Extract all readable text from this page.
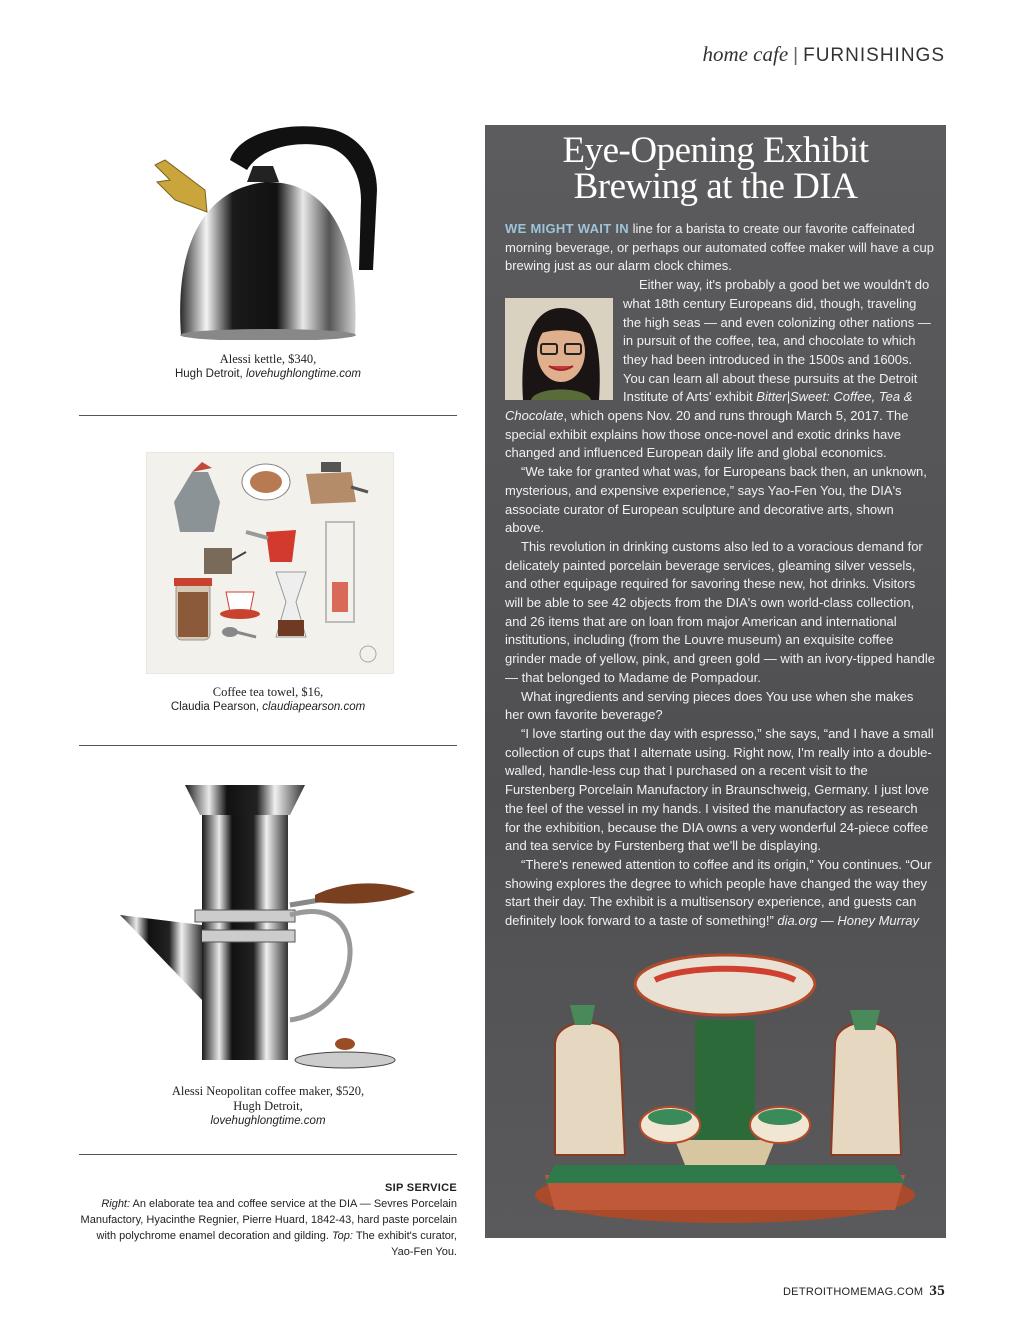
home cafe | FURNISHINGS
Alessi kettle, $340,
Hugh Detroit, lovehughlongtime.com
Coffee tea towel, $16,
Claudia Pearson, claudiapearson.com
Alessi Neopolitan coffee maker, $520,
Hugh Detroit,
lovehughlongtime.com
SIP SERVICE
Right: An elaborate tea and coffee service at the DIA — Sevres Porcelain Manufactory, Hyacinthe Regnier, Pierre Huard, 1842-43, hard paste porcelain with polychrome enamel decoration and gilding. Top: The exhibit's curator, Yao-Fen You.
Eye-Opening Exhibit
Brewing at the DIA

WE MIGHT WAIT IN line for a barista to create our favorite caffeinated morning beverage, or perhaps our automated coffee maker will have a cup brewing just as our alarm clock chimes.

Either way, it's probably a good bet we wouldn't do what 18th century Europeans did, though, traveling the high seas — and even colonizing other nations — in pursuit of the coffee, tea, and chocolate to which they had been introduced in the 1500s and 1600s. You can learn all about these pursuits at the Detroit Institute of Arts' exhibit Bitter|Sweet: Coffee, Tea & Chocolate, which opens Nov. 20 and runs through March 5, 2017. The special exhibit explains how those once-novel and exotic drinks have changed and influenced European daily life and global economics.

“We take for granted what was, for Europeans back then, an unknown, mysterious, and expensive experience,” says Yao-Fen You, the DIA's associate curator of European sculpture and decorative arts, shown above.

This revolution in drinking customs also led to a voracious demand for delicately painted porcelain beverage services, gleaming silver vessels, and other equipage required for savoring these new, hot drinks. Visitors will be able to see 42 objects from the DIA's own world-class collection, and 26 items that are on loan from major American and international institutions, including (from the Louvre museum) an exquisite coffee grinder made of yellow, pink, and green gold — with an ivory-tipped handle — that belonged to Madame de Pompadour.

What ingredients and serving pieces does You use when she makes her own favorite beverage?

“I love starting out the day with espresso,” she says, “and I have a small collection of cups that I alternate using. Right now, I'm really into a double-walled, handle-less cup that I purchased on a recent visit to the Furstenberg Porcelain Manufactory in Braunschweig, Germany. I just love the feel of the vessel in my hands. I visited the manufactory as research for the exhibition, because the DIA owns a very wonderful 24-piece coffee and tea service by Furstenberg that we'll be displaying.

“There's renewed attention to coffee and its origin,” You continues. “Our showing explores the degree to which people have changed the way they start their day. The exhibit is a multisensory experience, and guests can definitely look forward to a taste of something!” dia.org — Honey Murray

DETROITHOMEMAG.COM 35
